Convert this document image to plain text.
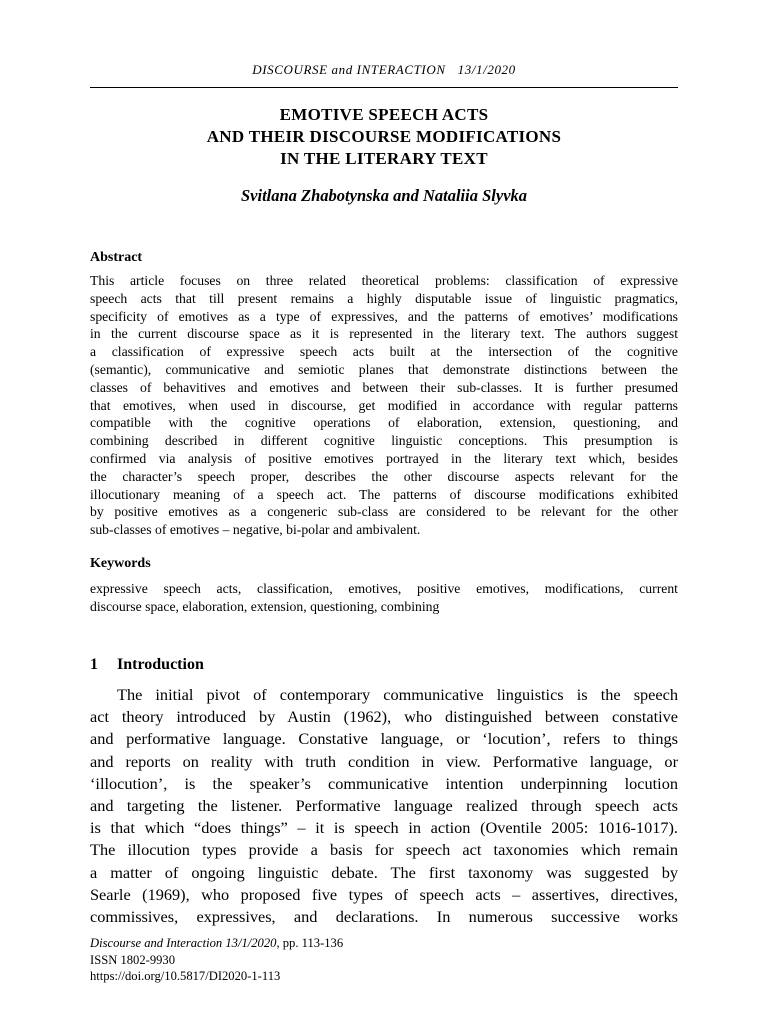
DISCOURSE and INTERACTION 13/1/2020
EMOTIVE SPEECH ACTS
AND THEIR DISCOURSE MODIFICATIONS
IN THE LITERARY TEXT
Svitlana Zhabotynska and Nataliia Slyvka
Abstract
This article focuses on three related theoretical problems: classification of expressive
speech acts that till present remains a highly disputable issue of linguistic pragmatics,
specificity of emotives as a type of expressives, and the patterns of emotives’ modifications
in the current discourse space as it is represented in the literary text. The authors suggest
a classification of expressive speech acts built at the intersection of the cognitive
(semantic), communicative and semiotic planes that demonstrate distinctions between the
classes of behavitives and emotives and between their sub-classes. It is further presumed
that emotives, when used in discourse, get modified in accordance with regular patterns
compatible with the cognitive operations of elaboration, extension, questioning, and
combining described in different cognitive linguistic conceptions. This presumption is
confirmed via analysis of positive emotives portrayed in the literary text which, besides
the character’s speech proper, describes the other discourse aspects relevant for the
illocutionary meaning of a speech act. The patterns of discourse modifications exhibited
by positive emotives as a congeneric sub-class are considered to be relevant for the other
sub-classes of emotives – negative, bi-polar and ambivalent.
Keywords
expressive speech acts, classification, emotives, positive emotives, modifications, current
discourse space, elaboration, extension, questioning, combining
1 Introduction
The initial pivot of contemporary communicative linguistics is the speech
act theory introduced by Austin (1962), who distinguished between constative
and performative language. Constative language, or ‘locution’, refers to things
and reports on reality with truth condition in view. Performative language, or
‘illocution’, is the speaker’s communicative intention underpinning locution
and targeting the listener. Performative language realized through speech acts
is that which “does things” – it is speech in action (Oventile 2005: 1016-1017).
The illocution types provide a basis for speech act taxonomies which remain
a matter of ongoing linguistic debate. The first taxonomy was suggested by
Searle (1969), who proposed five types of speech acts – assertives, directives,
commissives, expressives, and declarations. In numerous successive works
Discourse and Interaction 13/1/2020, pp. 113-136
ISSN 1802-9930
https://doi.org/10.5817/DI2020-1-113
